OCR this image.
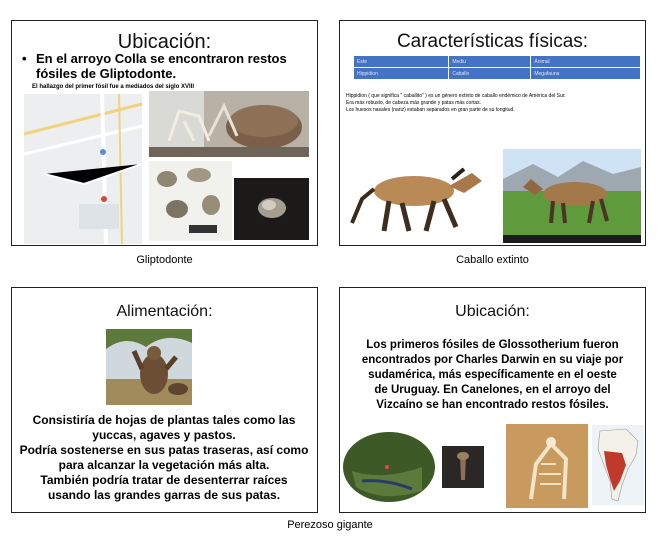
Ubicación:
• En el arroyo Colla se encontraron restos fósiles de Gliptodonte.
El hallazgo del primer fósil fue a mediados del siglo XVIII
Gliptodonte
Características físicas:
Este	Mediu	Ánimal
Hippidion	Caballo	Megafauna
Hippidion ( que significa " caballito" ) es un género extinto de caballo endémico de América del Sur.
Era más robusto, de cabeza más grande y patas más cortas.
Los huesos nasales (nariz) estaban separados en gran parte de su longitud.
Caballo extinto
Alimentación:
Consistiría de hojas de plantas tales como las yuccas, agaves y pastos.
Podría sostenerse en sus patas traseras, así como para alcanzar la vegetación más alta.
También podría tratar de desenterrar raíces usando las grandes garras de sus patas.
Ubicación:
Los primeros fósiles de Glossotherium fueron encontrados por Charles Darwin en su viaje por sudamérica, más específicamente en el oeste de Uruguay. En Canelones, en el arroyo del Vizcaíno se han encontrado restos fósiles.
Perezoso gigante
